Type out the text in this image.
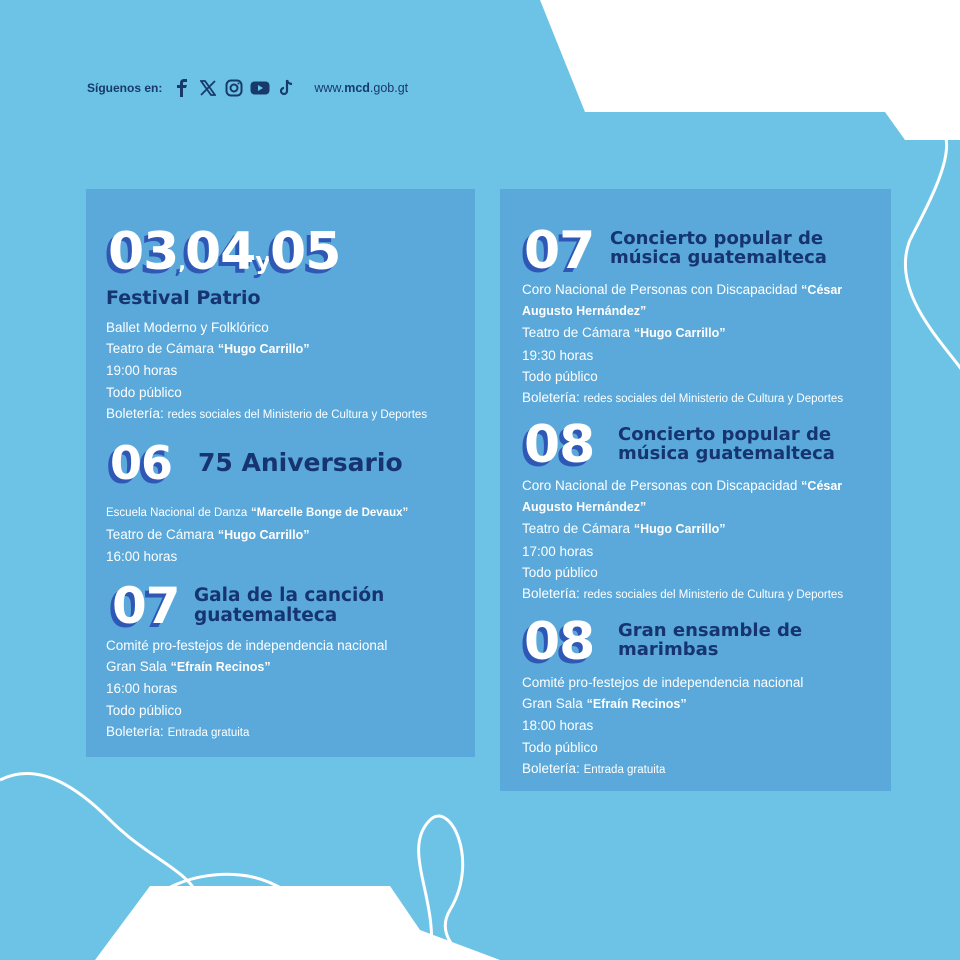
Síguenos en:	www.mcd.gob.gt
03,04y05
Festival Patrio
Ballet Moderno y Folklórico
Teatro de Cámara “Hugo Carrillo”
19:00 horas
Todo público
Boletería: redes sociales del Ministerio de Cultura y Deportes
06 75 Aniversario
Escuela Nacional de Danza “Marcelle Bonge de Devaux”
Teatro de Cámara “Hugo Carrillo”
16:00 horas
07 Gala de la canción
guatemalteca
Comité pro-festejos de independencia nacional
Gran Sala “Efraín Recinos”
16:00 horas
Todo público
Boletería: Entrada gratuita
07 Concierto popular de
música guatemalteca
Coro Nacional de Personas con Discapacidad “César
Augusto Hernández”
Teatro de Cámara “Hugo Carrillo”
19:30 horas
Todo público
Boletería: redes sociales del Ministerio de Cultura y Deportes
08 Concierto popular de
música guatemalteca
Coro Nacional de Personas con Discapacidad “César
Augusto Hernández”
Teatro de Cámara “Hugo Carrillo”
17:00 horas
Todo público
Boletería: redes sociales del Ministerio de Cultura y Deportes
08 Gran ensamble de
marimbas
Comité pro-festejos de independencia nacional
Gran Sala “Efraín Recinos”
18:00 horas
Todo público
Boletería: Entrada gratuita
